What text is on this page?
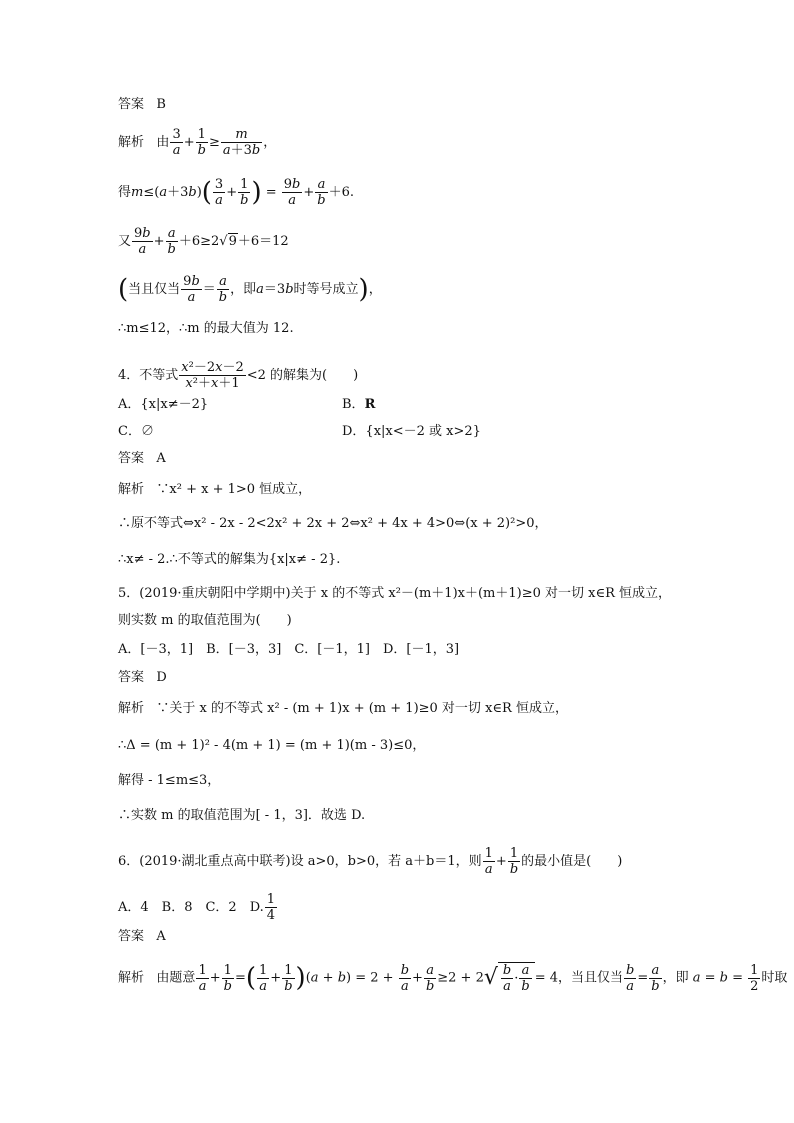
答案 B
解析 由 $\frac{3}{a} + \frac{1}{b} \ge \frac{m}{a+3b}$ ，
得$m\le(a+3b)( \frac{3}{a} + \frac{1}{b}$ ) = $\frac{9b}{a} + \frac{a}{b} +6$.
又 $\frac{9b}{a} + \frac{a}{b} +6\ge 2√9+6=12$
(当且仅当 $\frac{9b}{a} = \frac{a}{b}$ ，即a＝3b时等号成立)，
∴m≤12，∴m 的最大值为 12.
4．不等式 $\frac{\text{x²－2x－2}}{\text{x²＋x＋1}} <2$ 的解集为(　　)
A．{x|x≠－2}	B．R
C．∅	D．{x|x<－2 或 x>2}
答案 A
解析 ∵x² + x + 1>0 恒成立，
∴原不等式⇔x² - 2x - 2<2x² + 2x + 2⇔x² + 4x + 4>0⇔(x + 2)²>0，
∴x≠ - 2.∴不等式的解集为{x|x≠ - 2}.
5．(2019·重庆朝阳中学期中)关于 x 的不等式 x²－(m＋1)x＋(m＋1)≥0 对一切 x∈R 恒成立，
则实数 m 的取值范围为(　　)
A．[－3，1]　B．[－3，3]　C．[－1，1]　D．[－1，3]
答案 D
解析 ∵关于 x 的不等式 x² - (m + 1)x + (m + 1)≥0 对一切 x∈R 恒成立，
∴Δ = (m + 1)² - 4(m + 1) = (m + 1)(m - 3)≤0，
解得 - 1≤m≤3，
∴实数 m 的取值范围为[ - 1，3]．故选 D.
6．(2019·湖北重点高中联考)设 a>0，b>0，若 a＋b＝1，则 $\frac{1}{a} + \frac{1}{b}$ 的最小值是(　　)
A．4　B．8　C．2　D. $\frac{1}{4}$
答案 A
解析 由题意 $\frac{1}{a} + \frac{1}{b}$ =( $\frac{1}{a} + \frac{1}{b} )(a + b) = 2 + \frac{b}{a} + \frac{a}{b} \ge 2 + 2√ \frac{b}{a} \cdot \frac{a}{b} = 4$，当且仅当 $\frac{b}{a} = \frac{a}{b}$ ，即 $a = b = \frac{1}{2}$ 时取
